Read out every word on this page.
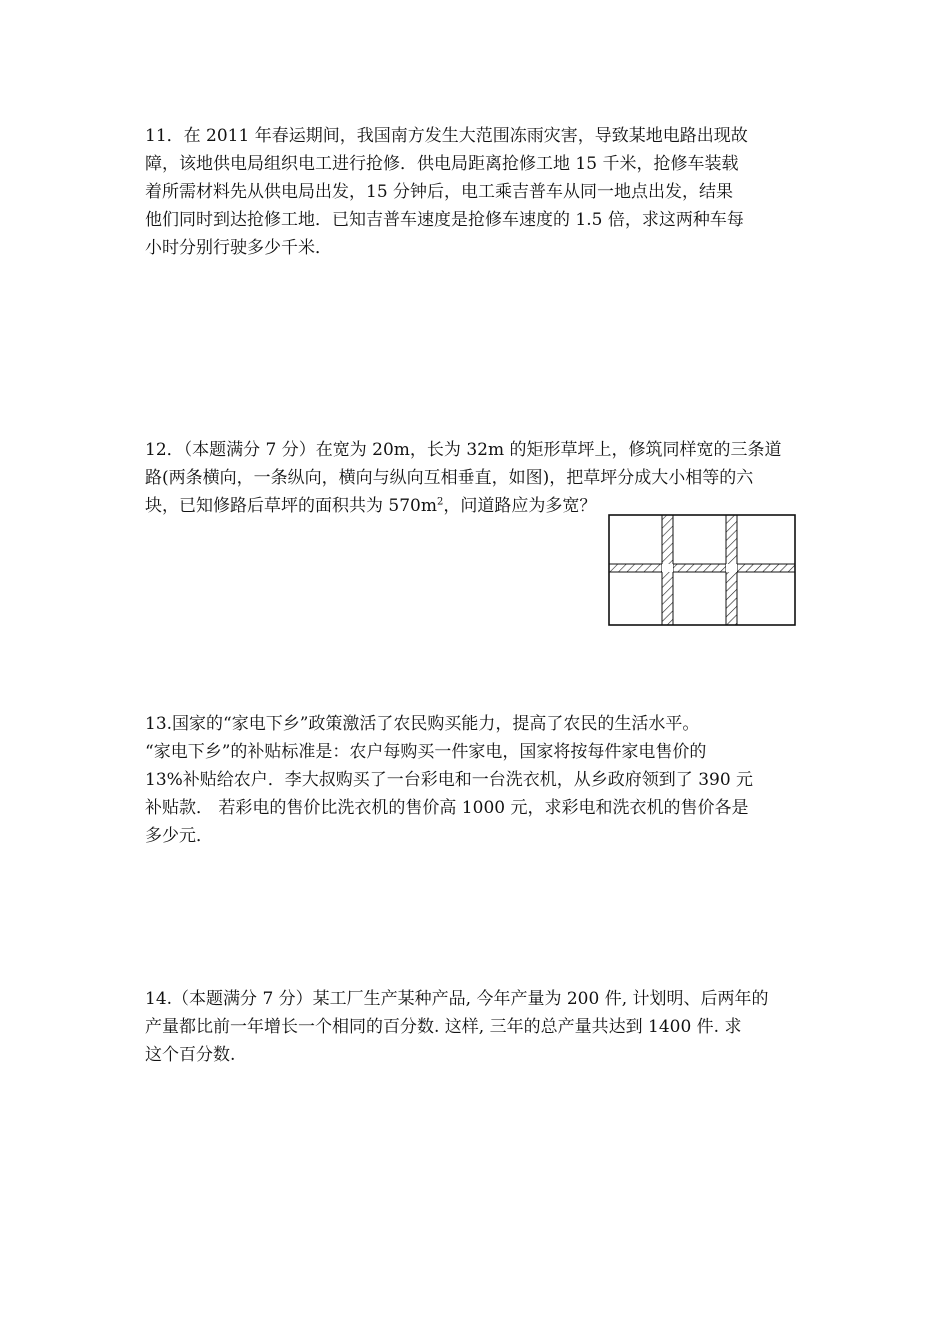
11．在 2011 年春运期间，我国南方发生大范围冻雨灾害，导致某地电路出现故
障，该地供电局组织电工进行抢修．供电局距离抢修工地 15 千米，抢修车装载
着所需材料先从供电局出发，15 分钟后，电工乘吉普车从同一地点出发，结果
他们同时到达抢修工地．已知吉普车速度是抢修车速度的 1.5 倍，求这两种车每
小时分别行驶多少千米．
12．（本题满分 7 分）在宽为 20m，长为 32m 的矩形草坪上，修筑同样宽的三条道
路(两条横向，一条纵向，横向与纵向互相垂直，如图)，把草坪分成大小相等的六
块，已知修路后草坪的面积共为 $570m^2$，问道路应为多宽？
13.国家的“家电下乡”政策激活了农民购买能力，提高了农民的生活水平。
“家电下乡”的补贴标准是：农户每购买一件家电，国家将按每件家电售价的
13%补贴给农户．李大叔购买了一台彩电和一台洗衣机，从乡政府领到了 390 元
补贴款． 若彩电的售价比洗衣机的售价高 1000 元，求彩电和洗衣机的售价各是
多少元．
14.（本题满分 7 分）某工厂生产某种产品, 今年产量为 200 件, 计划明、后两年的
产量都比前一年增长一个相同的百分数. 这样, 三年的总产量共达到 1400 件. 求
这个百分数.
